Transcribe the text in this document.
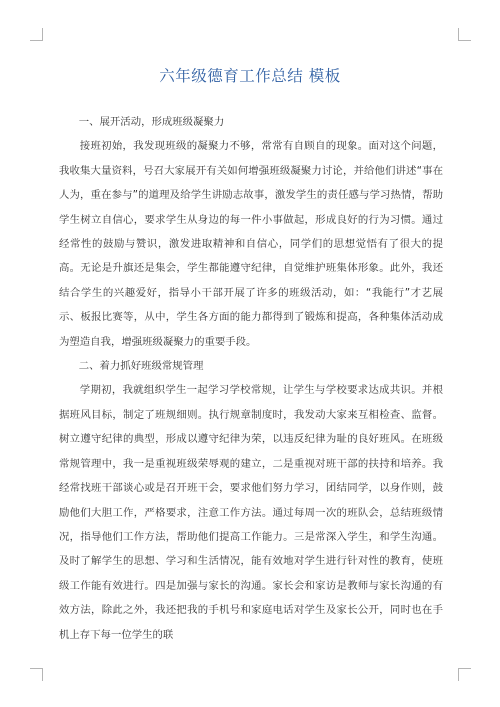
六年级德育工作总结 模板

一、展开活动，形成班级凝聚力

接班初始，我发现班级的凝聚力不够，常常有自顾自的现象。面对这个问题，我收集大量资料，号召大家展开有关如何增强班级凝聚力讨论，并给他们讲述“事在人为，重在参与”的道理及给学生讲励志故事，激发学生的责任感与学习热情，帮助学生树立自信心，要求学生从身边的每一件小事做起，形成良好的行为习惯。通过经常性的鼓励与赞识，激发进取精神和自信心，同学们的思想觉悟有了很大的提高。无论是升旗还是集会，学生都能遵守纪律，自觉维护班集体形象。此外，我还结合学生的兴趣爱好，指导小干部开展了许多的班级活动，如：“我能行”才艺展示、板报比赛等，从中，学生各方面的能力都得到了锻炼和提高，各种集体活动成为塑造自我，增强班级凝聚力的重要手段。

二、着力抓好班级常规管理

学期初，我就组织学生一起学习学校常规，让学生与学校要求达成共识。并根据班风目标，制定了班规细则。执行规章制度时，我发动大家来互相检查、监督。树立遵守纪律的典型，形成以遵守纪律为荣，以违反纪律为耻的良好班风。在班级常规管理中，我一是重视班级荣辱观的建立，二是重视对班干部的扶持和培养。我经常找班干部谈心或是召开班干会，要求他们努力学习，团结同学，以身作则，鼓励他们大胆工作，严格要求，注意工作方法。通过每周一次的班队会，总结班级情况，指导他们工作方法，帮助他们提高工作能力。三是常深入学生，和学生沟通。及时了解学生的思想、学习和生活情况，能有效地对学生进行针对性的教育，使班级工作能有效进行。四是加强与家长的沟通。家长会和家访是教师与家长沟通的有效方法，除此之外，我还把我的手机号和家庭电话对学生及家长公开，同时也在手机上存下每一位学生的联
